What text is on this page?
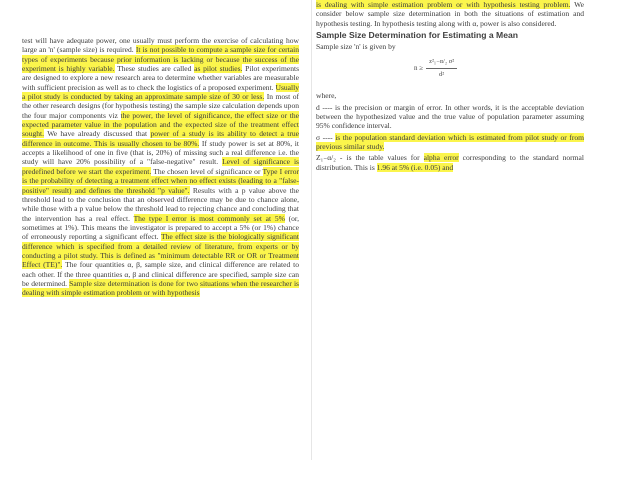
test will have adequate power, one usually must perform the exercise of calculating how large an 'n' (sample size) is required. It is not possible to compute a sample size for certain types of experiments because prior information is lacking or because the success of the experiment is highly variable. These studies are called as pilot studies. Pilot experiments are designed to explore a new research area to determine whether variables are measurable with sufficient precision as well as to check the logistics of a proposed experiment. Usually a pilot study is conducted by taking an approximate sample size of 30 or less. In most of the other research designs (for hypothesis testing) the sample size calculation depends upon the four major components viz the power, the level of significance, the effect size or the expected parameter value in the population and the expected size of the treatment effect sought. We have already discussed that power of a study is its ability to detect a true difference in outcome. This is usually chosen to be 80%. If study power is set at 80%, it accepts a likelihood of one in five (that is, 20%) of missing such a real difference i.e. the study will have 20% possibility of a "false-negative" result. Level of significance is predefined before we start the experiment. The chosen level of significance or Type I error is the probability of detecting a treatment effect when no effect exists (leading to a "false-positive" result) and defines the threshold "p value". Results with a p value above the threshold lead to the conclusion that an observed difference may be due to chance alone, while those with a p value below the threshold lead to rejecting chance and concluding that the intervention has a real effect. The type I error is most commonly set at 5% (or, sometimes at 1%). This means the investigator is prepared to accept a 5% (or 1%) chance of erroneously reporting a significant effect. The effect size is the biologically significant difference which is specified from a detailed review of literature, from experts or by conducting a pilot study. This is defined as "minimum detectable RR or OR or Treatment Effect (TE)". The four quantities α, β, sample size, and clinical difference are related to each other. If the three quantities α, β and clinical difference are specified, sample size can be determined. Sample size determination is done for two situations when the researcher is dealing with simple estimation problem or with hypothesis

is dealing with simple estimation problem or with hypothesis testing problem. We consider below sample size determination in both the situations of estimation and hypothesis testing. In hypothesis testing along with α, power is also considered.

Sample Size Determination for Estimating a Mean

Sample size 'n' is given by

$n \ge \frac{\text{z²₁₋α/₂ σ²}}{\text{d²}}$

where,

d ---- is the precision or margin of error. In other words, it is the acceptable deviation between the hypothesized value and the true value of population parameter assuming 95% confidence interval.

σ ---- is the population standard deviation which is estimated from pilot study or from previous similar study.

Z₁₋α/₂ - is the table values for alpha error corresponding to the standard normal distribution. This is 1.96 at 5% (i.e. 0.05) and
